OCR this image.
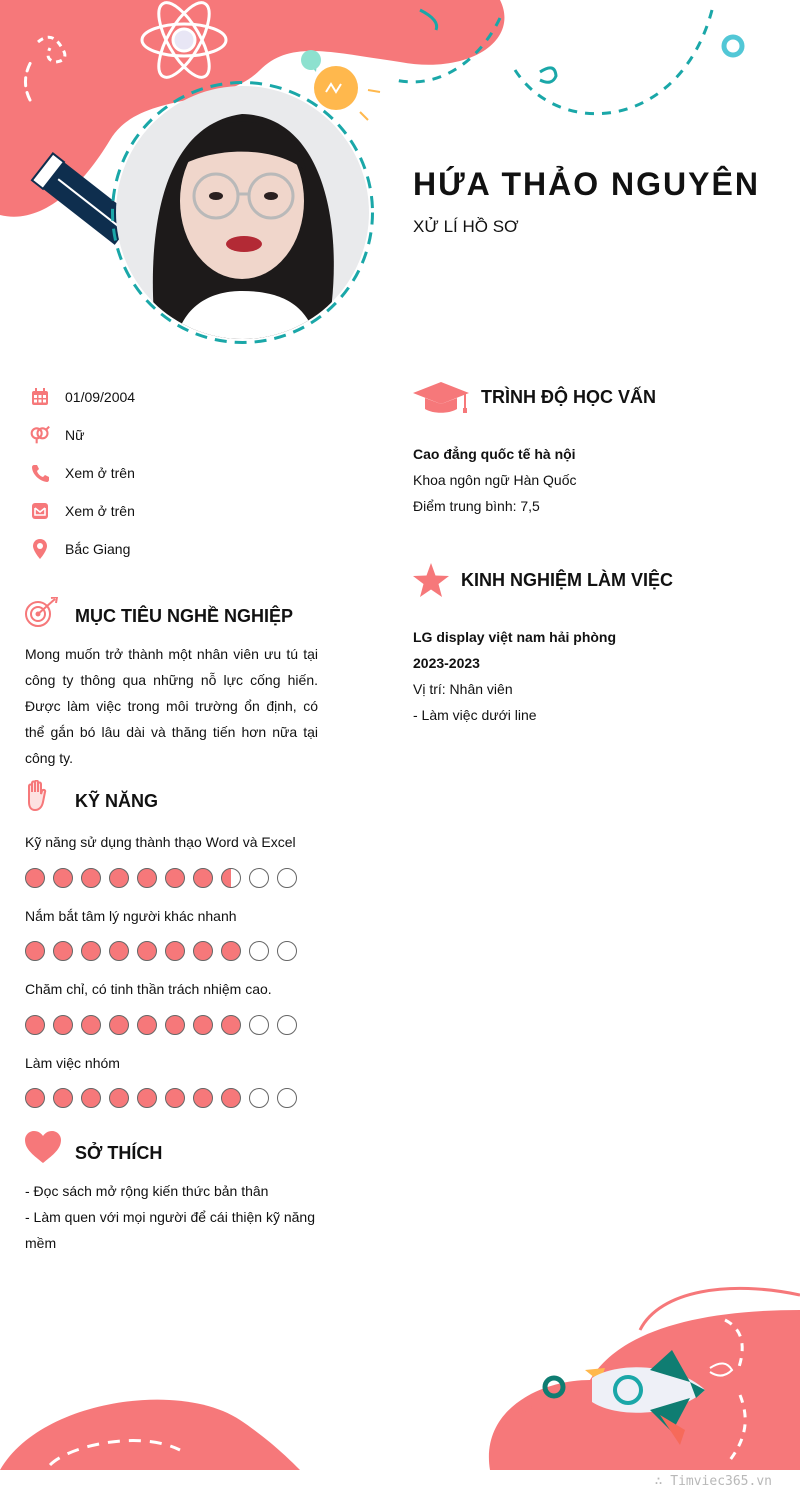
HỨA THẢO NGUYÊN
XỬ LÍ HỒ SƠ
01/09/2004
Nữ
Xem ở trên
Xem ở trên
Bắc Giang
MỤC TIÊU NGHỀ NGHIỆP
Mong muốn trở thành một nhân viên ưu tú tại công ty thông qua những nỗ lực cống hiến. Được làm việc trong môi trường ổn định, có thể gắn bó lâu dài và thăng tiến hơn nữa tại công ty.
KỸ NĂNG
Kỹ năng sử dụng thành thạo Word và Excel
Nắm bắt tâm lý người khác nhanh
Chăm chỉ, có tinh thần trách nhiệm cao.
Làm việc nhóm
SỞ THÍCH
- Đọc sách mở rộng kiến thức bản thân
- Làm quen với mọi người để cái thiện kỹ năng mềm
TRÌNH ĐỘ HỌC VẤN
Cao đẳng quốc tế hà nội
Khoa ngôn ngữ Hàn Quốc
Điểm trung bình: 7,5
KINH NGHIỆM LÀM VIỆC
LG display việt nam hải phòng
2023-2023
Vị trí: Nhân viên
- Làm việc dưới line
∴ Timviec365.vn
